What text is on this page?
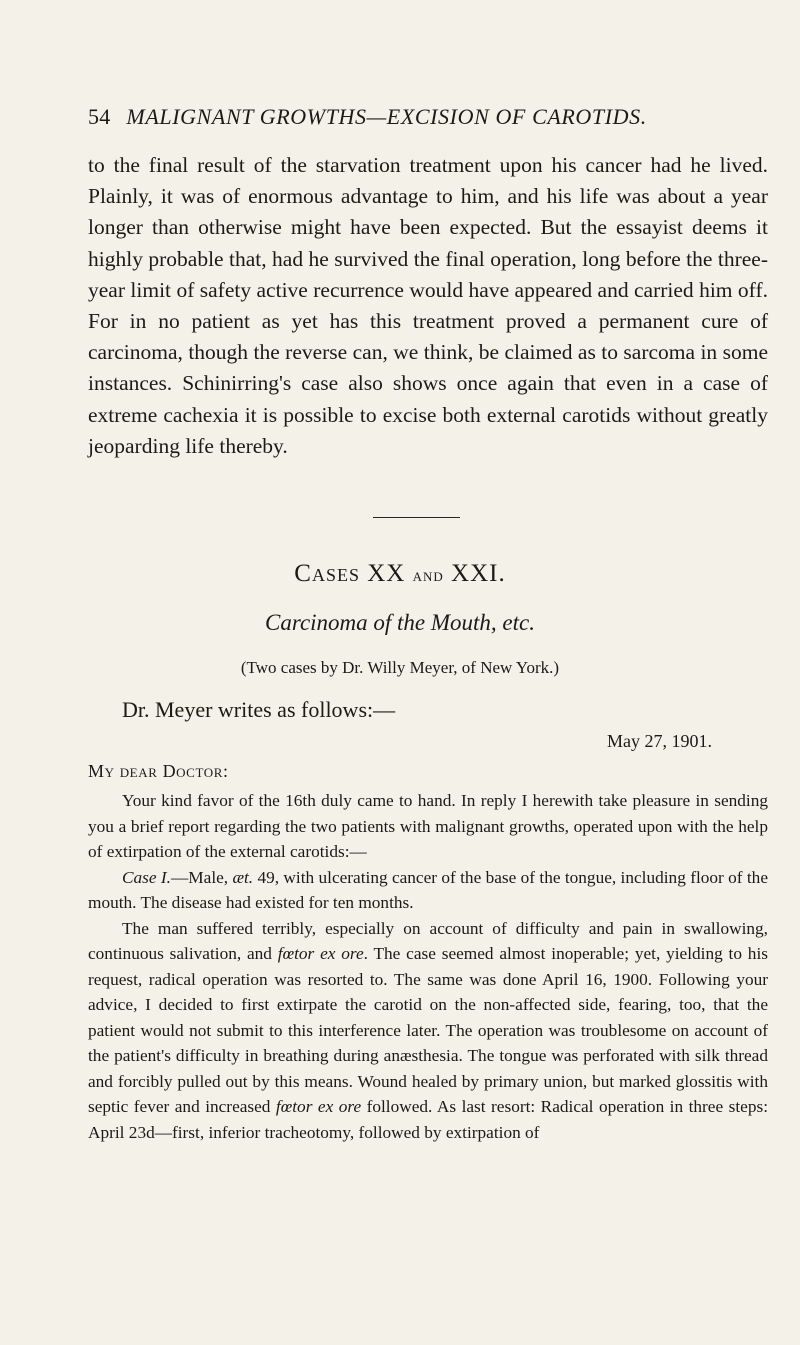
54 MALIGNANT GROWTHS—EXCISION OF CAROTIDS.
to the final result of the starvation treatment upon his cancer had he lived. Plainly, it was of enormous advantage to him, and his life was about a year longer than otherwise might have been expected. But the essayist deems it highly probable that, had he survived the final operation, long before the three-year limit of safety active recurrence would have appeared and carried him off. For in no patient as yet has this treatment proved a permanent cure of carcinoma, though the reverse can, we think, be claimed as to sarcoma in some instances. Schinirring's case also shows once again that even in a case of extreme cachexia it is possible to excise both external carotids without greatly jeoparding life thereby.
Cases XX and XXI.
Carcinoma of the Mouth, etc.
(Two cases by Dr. Willy Meyer, of New York.)
Dr. Meyer writes as follows:—
May 27, 1901.
My dear Doctor:

Your kind favor of the 16th duly came to hand. In reply I herewith take pleasure in sending you a brief report regarding the two patients with malignant growths, operated upon with the help of extirpation of the external carotids:—

Case I.—Male, æt. 49, with ulcerating cancer of the base of the tongue, including floor of the mouth. The disease had existed for ten months.

The man suffered terribly, especially on account of difficulty and pain in swallowing, continuous salivation, and fœtor ex ore. The case seemed almost inoperable; yet, yielding to his request, radical operation was resorted to. The same was done April 16, 1900. Following your advice, I decided to first extirpate the carotid on the non-affected side, fearing, too, that the patient would not submit to this interference later. The operation was troublesome on account of the patient's difficulty in breathing during anæsthesia. The tongue was perforated with silk thread and forcibly pulled out by this means. Wound healed by primary union, but marked glossitis with septic fever and increased fœtor ex ore followed. As last resort: Radical operation in three steps: April 23d—first, inferior tracheotomy, followed by extirpation of
